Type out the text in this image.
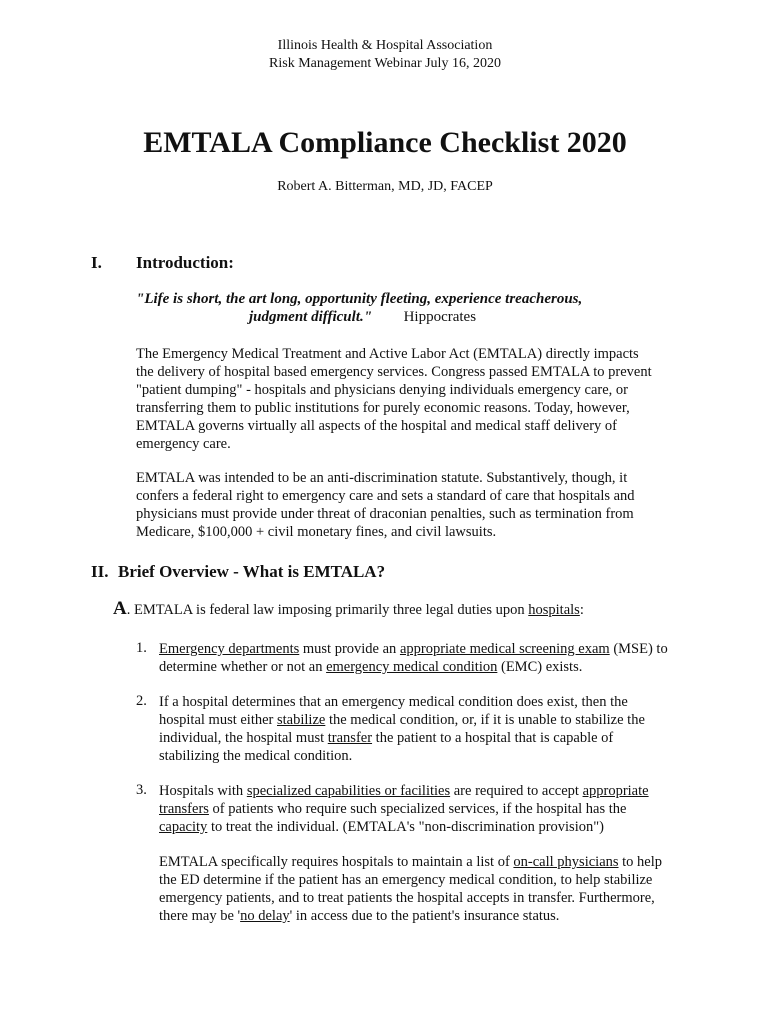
Illinois Health & Hospital Association
Risk Management Webinar July 16, 2020
EMTALA Compliance Checklist 2020
Robert A. Bitterman, MD, JD, FACEP
I. Introduction:
"Life is short, the art long, opportunity fleeting, experience treacherous,
judgment difficult." Hippocrates

The Emergency Medical Treatment and Active Labor Act (EMTALA) directly impacts the delivery of hospital based emergency services. Congress passed EMTALA to prevent "patient dumping" - hospitals and physicians denying individuals emergency care, or transferring them to public institutions for purely economic reasons. Today, however, EMTALA governs virtually all aspects of the hospital and medical staff delivery of emergency care.

EMTALA was intended to be an anti-discrimination statute. Substantively, though, it confers a federal right to emergency care and sets a standard of care that hospitals and physicians must provide under threat of draconian penalties, such as termination from Medicare, $100,000 + civil monetary fines, and civil lawsuits.

II. Brief Overview - What is EMTALA?
A. EMTALA is federal law imposing primarily three legal duties upon hospitals:
1. Emergency departments must provide an appropriate medical screening exam (MSE) to determine whether or not an emergency medical condition (EMC) exists.
2. If a hospital determines that an emergency medical condition does exist, then the hospital must either stabilize the medical condition, or, if it is unable to stabilize the individual, the hospital must transfer the patient to a hospital that is capable of stabilizing the medical condition.
3. Hospitals with specialized capabilities or facilities are required to accept appropriate transfers of patients who require such specialized services, if the hospital has the capacity to treat the individual. (EMTALA's "non-discrimination provision")
EMTALA specifically requires hospitals to maintain a list of on-call physicians to help the ED determine if the patient has an emergency medical condition, to help stabilize emergency patients, and to treat patients the hospital accepts in transfer. Furthermore, there may be 'no delay' in access due to the patient's insurance status.
